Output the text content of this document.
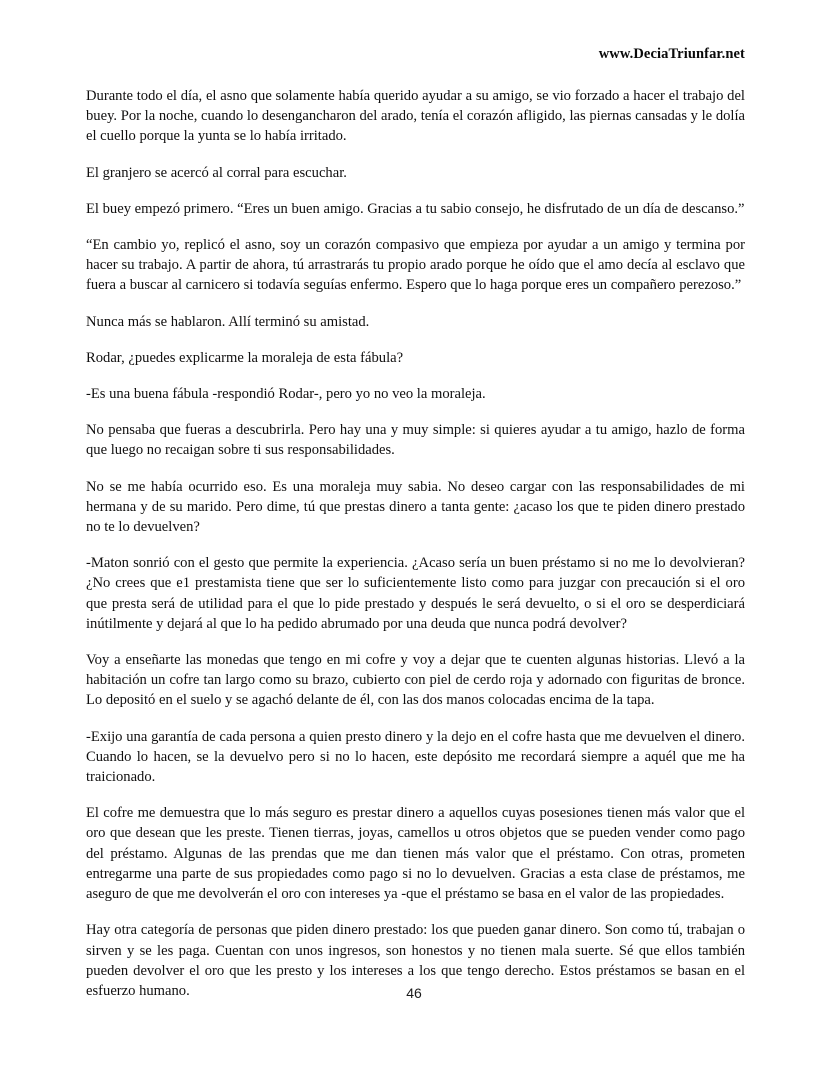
www.DeciaTriunfar.net

Durante todo el día, el asno que solamente había querido ayudar a su amigo, se vio forzado a hacer el trabajo del buey. Por la noche, cuando lo desengancharon del arado, tenía el corazón afligido, las piernas cansadas y le dolía el cuello porque la yunta se lo había irritado.

El granjero se acercó al corral para escuchar.

El buey empezó primero. “Eres un buen amigo. Gracias a tu sabio consejo, he disfrutado de un día de descanso.”

“En cambio yo, replicó el asno, soy un corazón compasivo que empieza por ayudar a un amigo y termina por hacer su trabajo. A partir de ahora, tú arrastrarás tu propio arado porque he oído que el amo decía al esclavo que fuera a buscar al carnicero si todavía seguías enfermo. Espero que lo haga porque eres un compañero perezoso.”

Nunca más se hablaron. Allí terminó su amistad.

Rodar, ¿puedes explicarme la moraleja de esta fábula?

-Es una buena fábula -respondió Rodar-, pero yo no veo la moraleja.

No pensaba que fueras a descubrirla. Pero hay una y muy simple: si quieres ayudar a tu amigo, hazlo de forma que luego no recaigan sobre ti sus responsabilidades.

No se me había ocurrido eso. Es una moraleja muy sabia. No deseo cargar con las responsabilidades de mi hermana y de su marido. Pero dime, tú que prestas dinero a tanta gente: ¿acaso los que te piden dinero prestado no te lo devuelven?

-Maton sonrió con el gesto que permite la experiencia. ¿Acaso sería un buen préstamo si no me lo devolvieran? ¿No crees que e1 prestamista tiene que ser lo suficientemente listo como para juzgar con precaución si el oro que presta será de utilidad para el que lo pide prestado y después le será devuelto, o si el oro se desperdiciará inútilmente y dejará al que lo ha pedido abrumado por una deuda que nunca podrá devolver?

Voy a enseñarte las monedas que tengo en mi cofre y voy a dejar que te cuenten algunas historias. Llevó a la habitación un cofre tan largo como su brazo, cubierto con piel de cerdo roja y adornado con figuritas de bronce. Lo depositó en el suelo y se agachó delante de él, con las dos manos colocadas encima de la tapa.

-Exijo una garantía de cada persona a quien presto dinero y la dejo en el cofre hasta que me devuelven el dinero. Cuando lo hacen, se la devuelvo pero si no lo hacen, este depósito me recordará siempre a aquél que me ha traicionado.

El cofre me demuestra que lo más seguro es prestar dinero a aquellos cuyas posesiones tienen más valor que el oro que desean que les preste. Tienen tierras, joyas, camellos u otros objetos que se pueden vender como pago del préstamo. Algunas de las prendas que me dan tienen más valor que el préstamo. Con otras, prometen entregarme una parte de sus propiedades como pago si no lo devuelven. Gracias a esta clase de préstamos, me aseguro de que me devolverán el oro con intereses ya -que el préstamo se basa en el valor de las propiedades.

Hay otra categoría de personas que piden dinero prestado: los que pueden ganar dinero. Son como tú, trabajan o sirven y se les paga. Cuentan con unos ingresos, son honestos y no tienen mala suerte. Sé que ellos también pueden devolver el oro que les presto y los intereses a los que tengo derecho. Estos préstamos se basan en el esfuerzo humano.	46
